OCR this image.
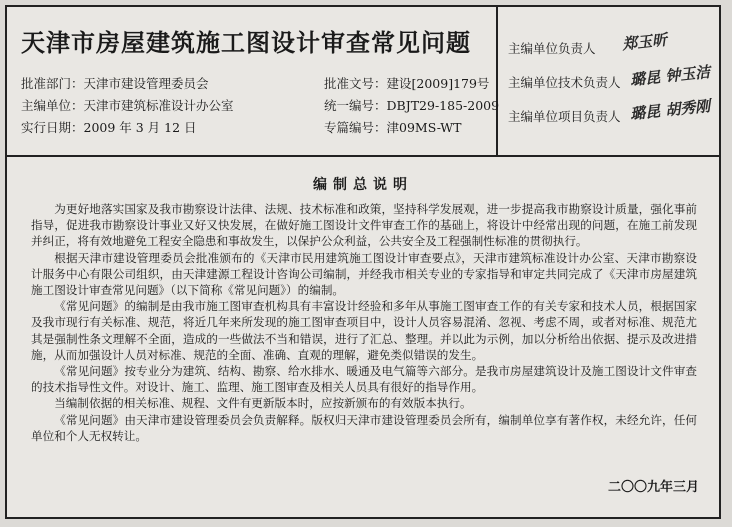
天津市房屋建筑施工图设计审查常见问题
批准部门：天津市建设管理委员会	批准文号：建设[2009]179号
主编单位：天津市建筑标准设计办公室	统一编号：DBJT29-185-2009
实行日期：2009 年 3 月 12 日	专篇编号：津09MS-WT
主编单位负责人 郑玉昕
主编单位技术负责人 璐昆 钟玉洁
主编单位项目负责人 璐昆 胡秀刚
编制总说明

为更好地落实国家及我市勘察设计法律、法规、技术标准和政策，坚持科学发展观，进一步提高我市勘察设计质量，强化事前指导，促进我市勘察设计事业又好又快发展，在做好施工图设计文件审查工作的基础上，将设计中经常出现的问题，在施工前发现并纠正，将有效地避免工程安全隐患和事故发生，以保护公众利益，公共安全及工程强制性标准的贯彻执行。

根据天津市建设管理委员会批准颁布的《天津市民用建筑施工图设计审查要点》，天津市建筑标准设计办公室、天津市勘察设计服务中心有限公司组织，由天津建源工程设计咨询公司编制，并经我市相关专业的专家指导和审定共同完成了《天津市房屋建筑施工图设计审查常见问题》（以下简称《常见问题》）的编制。

《常见问题》的编制是由我市施工图审查机构具有丰富设计经验和多年从事施工图审查工作的有关专家和技术人员，根据国家及我市现行有关标准、规范，将近几年来所发现的施工图审查项目中，设计人员容易混淆、忽视、考虑不周，或者对标准、规范尤其是强制性条文理解不全面，造成的一些做法不当和错误，进行了汇总、整理。并以此为示例，加以分析给出依据、提示及改进措施，从而加强设计人员对标准、规范的全面、准确、直观的理解，避免类似错误的发生。

《常见问题》按专业分为建筑、结构、勘察、给水排水、暖通及电气篇等六部分。是我市房屋建筑设计及施工图设计文件审查的技术指导性文件。对设计、施工、监理、施工图审查及相关人员具有很好的指导作用。

当编制依据的相关标准、规程、文件有更新版本时，应按新颁布的有效版本执行。

《常见问题》由天津市建设管理委员会负责解释。版权归天津市建设管理委员会所有，编制单位享有著作权，未经允许，任何单位和个人无权转让。

二〇〇九年三月
